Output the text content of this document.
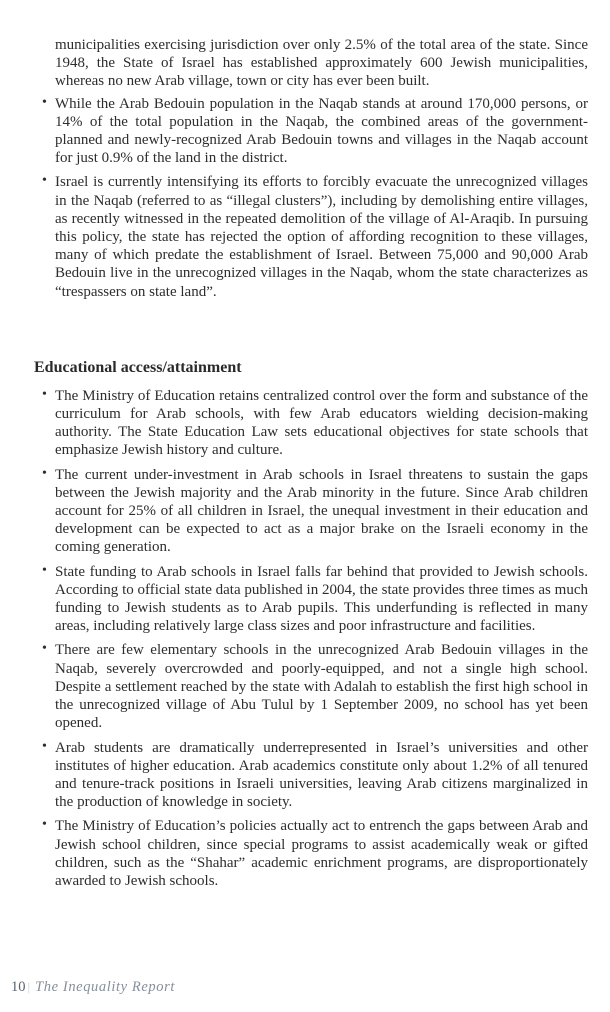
municipalities exercising jurisdiction over only 2.5% of the total area of the state. Since 1948, the State of Israel has established approximately 600 Jewish municipalities, whereas no new Arab village, town or city has ever been built.

• While the Arab Bedouin population in the Naqab stands at around 170,000 persons, or 14% of the total population in the Naqab, the combined areas of the government-planned and newly-recognized Arab Bedouin towns and villages in the Naqab account for just 0.9% of the land in the district.
• Israel is currently intensifying its efforts to forcibly evacuate the unrecognized villages in the Naqab (referred to as “illegal clusters”), including by demolishing entire villages, as recently witnessed in the repeated demolition of the village of Al-Araqib. In pursuing this policy, the state has rejected the option of affording recognition to these villages, many of which predate the establishment of Israel. Between 75,000 and 90,000 Arab Bedouin live in the unrecognized villages in the Naqab, whom the state characterizes as “trespassers on state land”.
Educational access/attainment
• The Ministry of Education retains centralized control over the form and substance of the curriculum for Arab schools, with few Arab educators wielding decision-making authority. The State Education Law sets educational objectives for state schools that emphasize Jewish history and culture.
• The current under-investment in Arab schools in Israel threatens to sustain the gaps between the Jewish majority and the Arab minority in the future. Since Arab children account for 25% of all children in Israel, the unequal investment in their education and development can be expected to act as a major brake on the Israeli economy in the coming generation.
• State funding to Arab schools in Israel falls far behind that provided to Jewish schools. According to official state data published in 2004, the state provides three times as much funding to Jewish students as to Arab pupils. This underfunding is reflected in many areas, including relatively large class sizes and poor infrastructure and facilities.
• There are few elementary schools in the unrecognized Arab Bedouin villages in the Naqab, severely overcrowded and poorly-equipped, and not a single high school. Despite a settlement reached by the state with Adalah to establish the first high school in the unrecognized village of Abu Tulul by 1 September 2009, no school has yet been opened.
• Arab students are dramatically underrepresented in Israel’s universities and other institutes of higher education. Arab academics constitute only about 1.2% of all tenured and tenure-track positions in Israeli universities, leaving Arab citizens marginalized in the production of knowledge in society.
• The Ministry of Education’s policies actually act to entrench the gaps between Arab and Jewish school children, since special programs to assist academically weak or gifted children, such as the “Shahar” academic enrichment programs, are disproportionately awarded to Jewish schools.
10 | The Inequality Report
